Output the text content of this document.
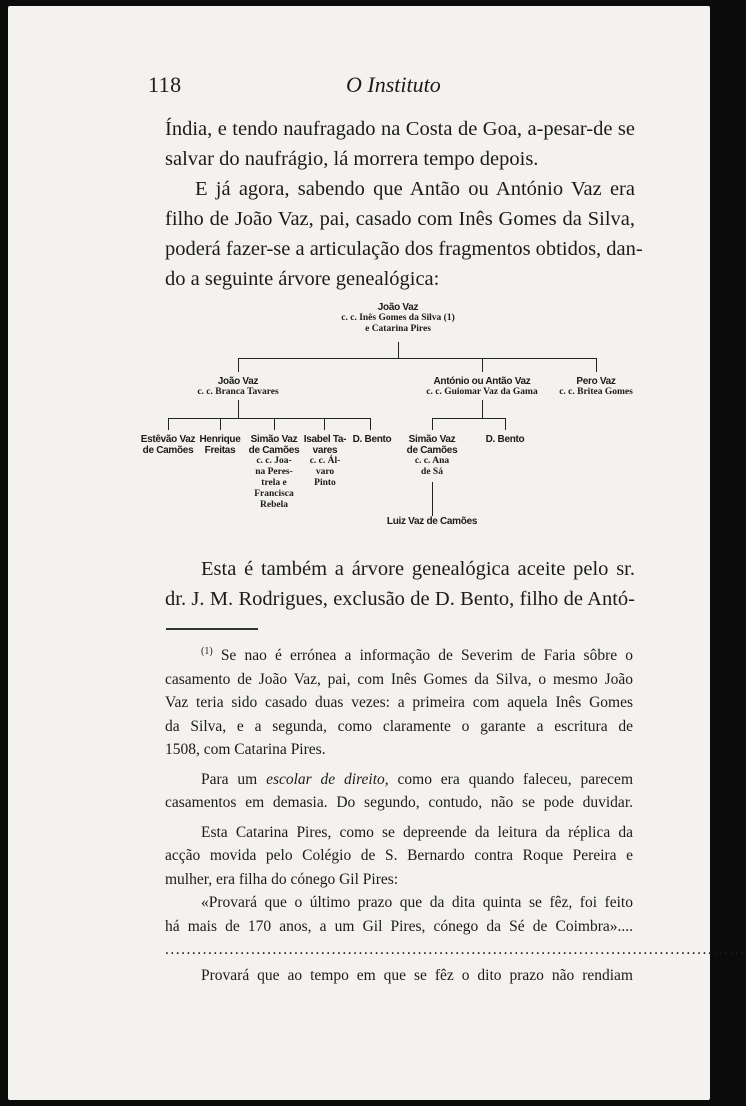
118	O Instituto

Índia, e tendo naufragado na Costa de Goa, a-pesar-de se
salvar do naufrágio, lá morrera tempo depois.

E já agora, sabendo que Antão ou António Vaz era
filho de João Vaz, pai, casado com Inês Gomes da Silva,
poderá fazer-se a articulação dos fragmentos obtidos, dan-
do a seguinte árvore genealógica:

João Vaz
c. c. Inês Gomes da Silva (1)
e Catarina Pires
João Vaz
c. c. Branca Tavares
António ou Antão Vaz
c. c. Guiomar Vaz da Gama
Pero Vaz
c. c. Britea Gomes
Estêvão Vaz
de Camões
Henrique
Freitas
Simão Vaz
de Camões
c. c. Joa-
na Peres-
trela e
Francisca
Rebela
Isabel Ta-
vares
c. c. Ál-
varo
Pinto
D. Bento	Simão Vaz
de Camões
c. c. Ana
de Sá
D. Bento
Luiz Vaz de Camões

Esta é também a árvore genealógica aceite pelo sr.
dr. J. M. Rodrigues, exclusão de D. Bento, filho de Antó-

$^{(1)}$ Se nao é errónea a informação de Severim de Faria sôbre o
casamento de João Vaz, pai, com Inês Gomes da Silva, o mesmo João
Vaz teria sido casado duas vezes: a primeira com aquela Inês Gomes
da Silva, e a segunda, como claramente o garante a escritura de
1508, com Catarina Pires.

Para um escolar de direito, como era quando faleceu, parecem
casamentos em demasia. Do segundo, contudo, não se pode duvidar.

Esta Catarina Pires, como se depreende da leitura da réplica da
acção movida pelo Colégio de S. Bernardo contra Roque Pereira e
mulher, era filha do cónego Gil Pires:

«Provará que o último prazo que da dita quinta se fêz, foi feito
há mais de 170 anos, a um Gil Pires, cónego da Sé de Coimbra»....

............................................................................................................

Provará que ao tempo em que se fêz o dito prazo não rendiam
